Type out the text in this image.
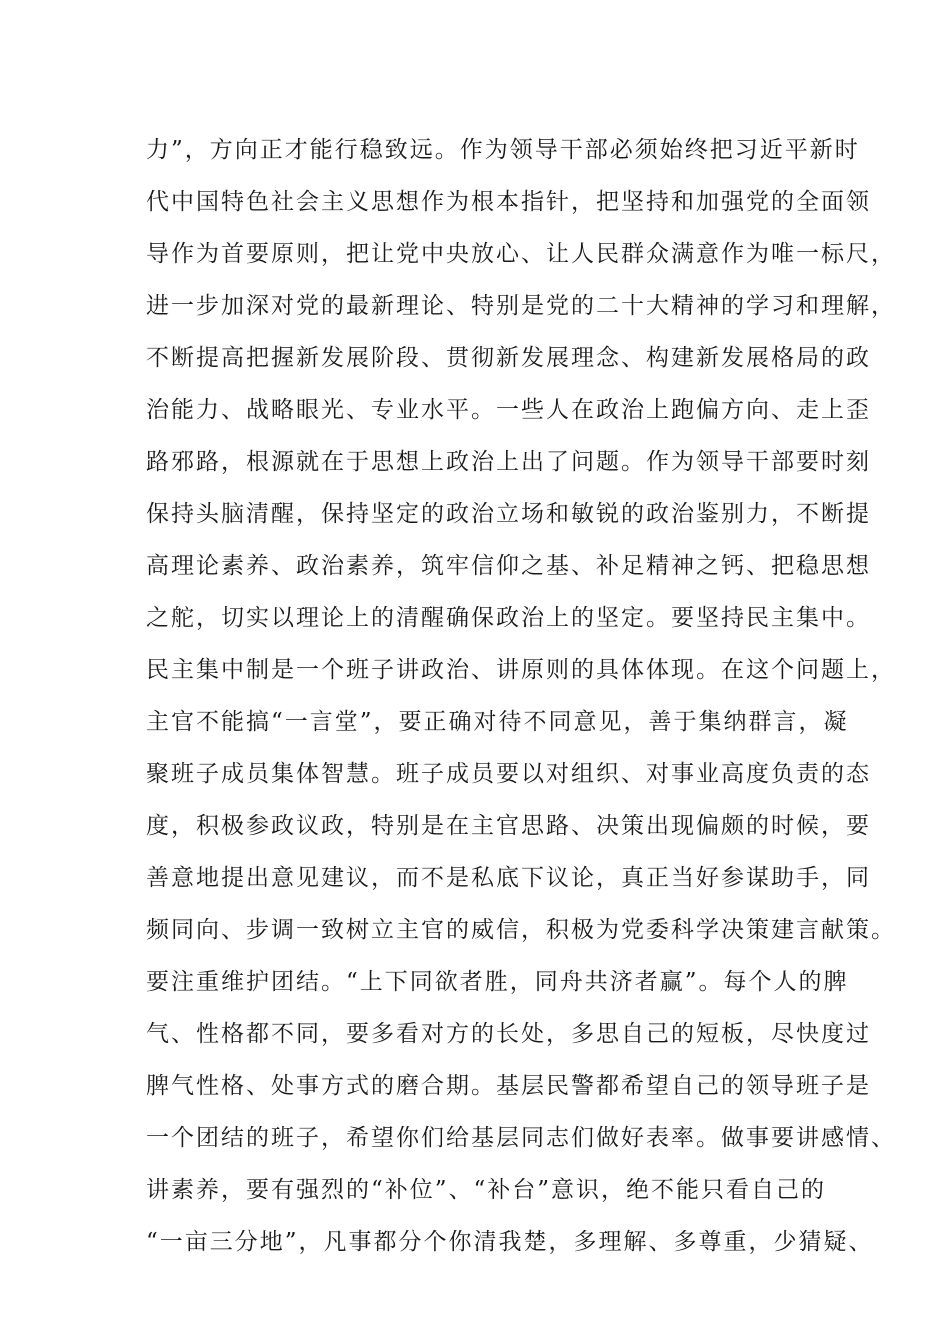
力”，方向正才能行稳致远。作为领导干部必须始终把习近平新时
代中国特色社会主义思想作为根本指针，把坚持和加强党的全面领
导作为首要原则，把让党中央放心、让人民群众满意作为唯一标尺，
进一步加深对党的最新理论、特别是党的二十大精神的学习和理解，
不断提高把握新发展阶段、贯彻新发展理念、构建新发展格局的政
治能力、战略眼光、专业水平。一些人在政治上跑偏方向、走上歪
路邪路，根源就在于思想上政治上出了问题。作为领导干部要时刻
保持头脑清醒，保持坚定的政治立场和敏锐的政治鉴别力，不断提
高理论素养、政治素养，筑牢信仰之基、补足精神之钙、把稳思想
之舵，切实以理论上的清醒确保政治上的坚定。要坚持民主集中。
民主集中制是一个班子讲政治、讲原则的具体体现。在这个问题上，
主官不能搞“一言堂”，要正确对待不同意见，善于集纳群言，凝
聚班子成员集体智慧。班子成员要以对组织、对事业高度负责的态
度，积极参政议政，特别是在主官思路、决策出现偏颇的时候，要
善意地提出意见建议，而不是私底下议论，真正当好参谋助手，同
频同向、步调一致树立主官的威信，积极为党委科学决策建言献策。
要注重维护团结。“上下同欲者胜，同舟共济者赢”。每个人的脾
气、性格都不同，要多看对方的长处，多思自己的短板，尽快度过
脾气性格、处事方式的磨合期。基层民警都希望自己的领导班子是
一个团结的班子，希望你们给基层同志们做好表率。做事要讲感情、
讲素养，要有强烈的“补位”、“补台”意识，绝不能只看自己的
“一亩三分地”，凡事都分个你清我楚，多理解、多尊重，少猜疑、
